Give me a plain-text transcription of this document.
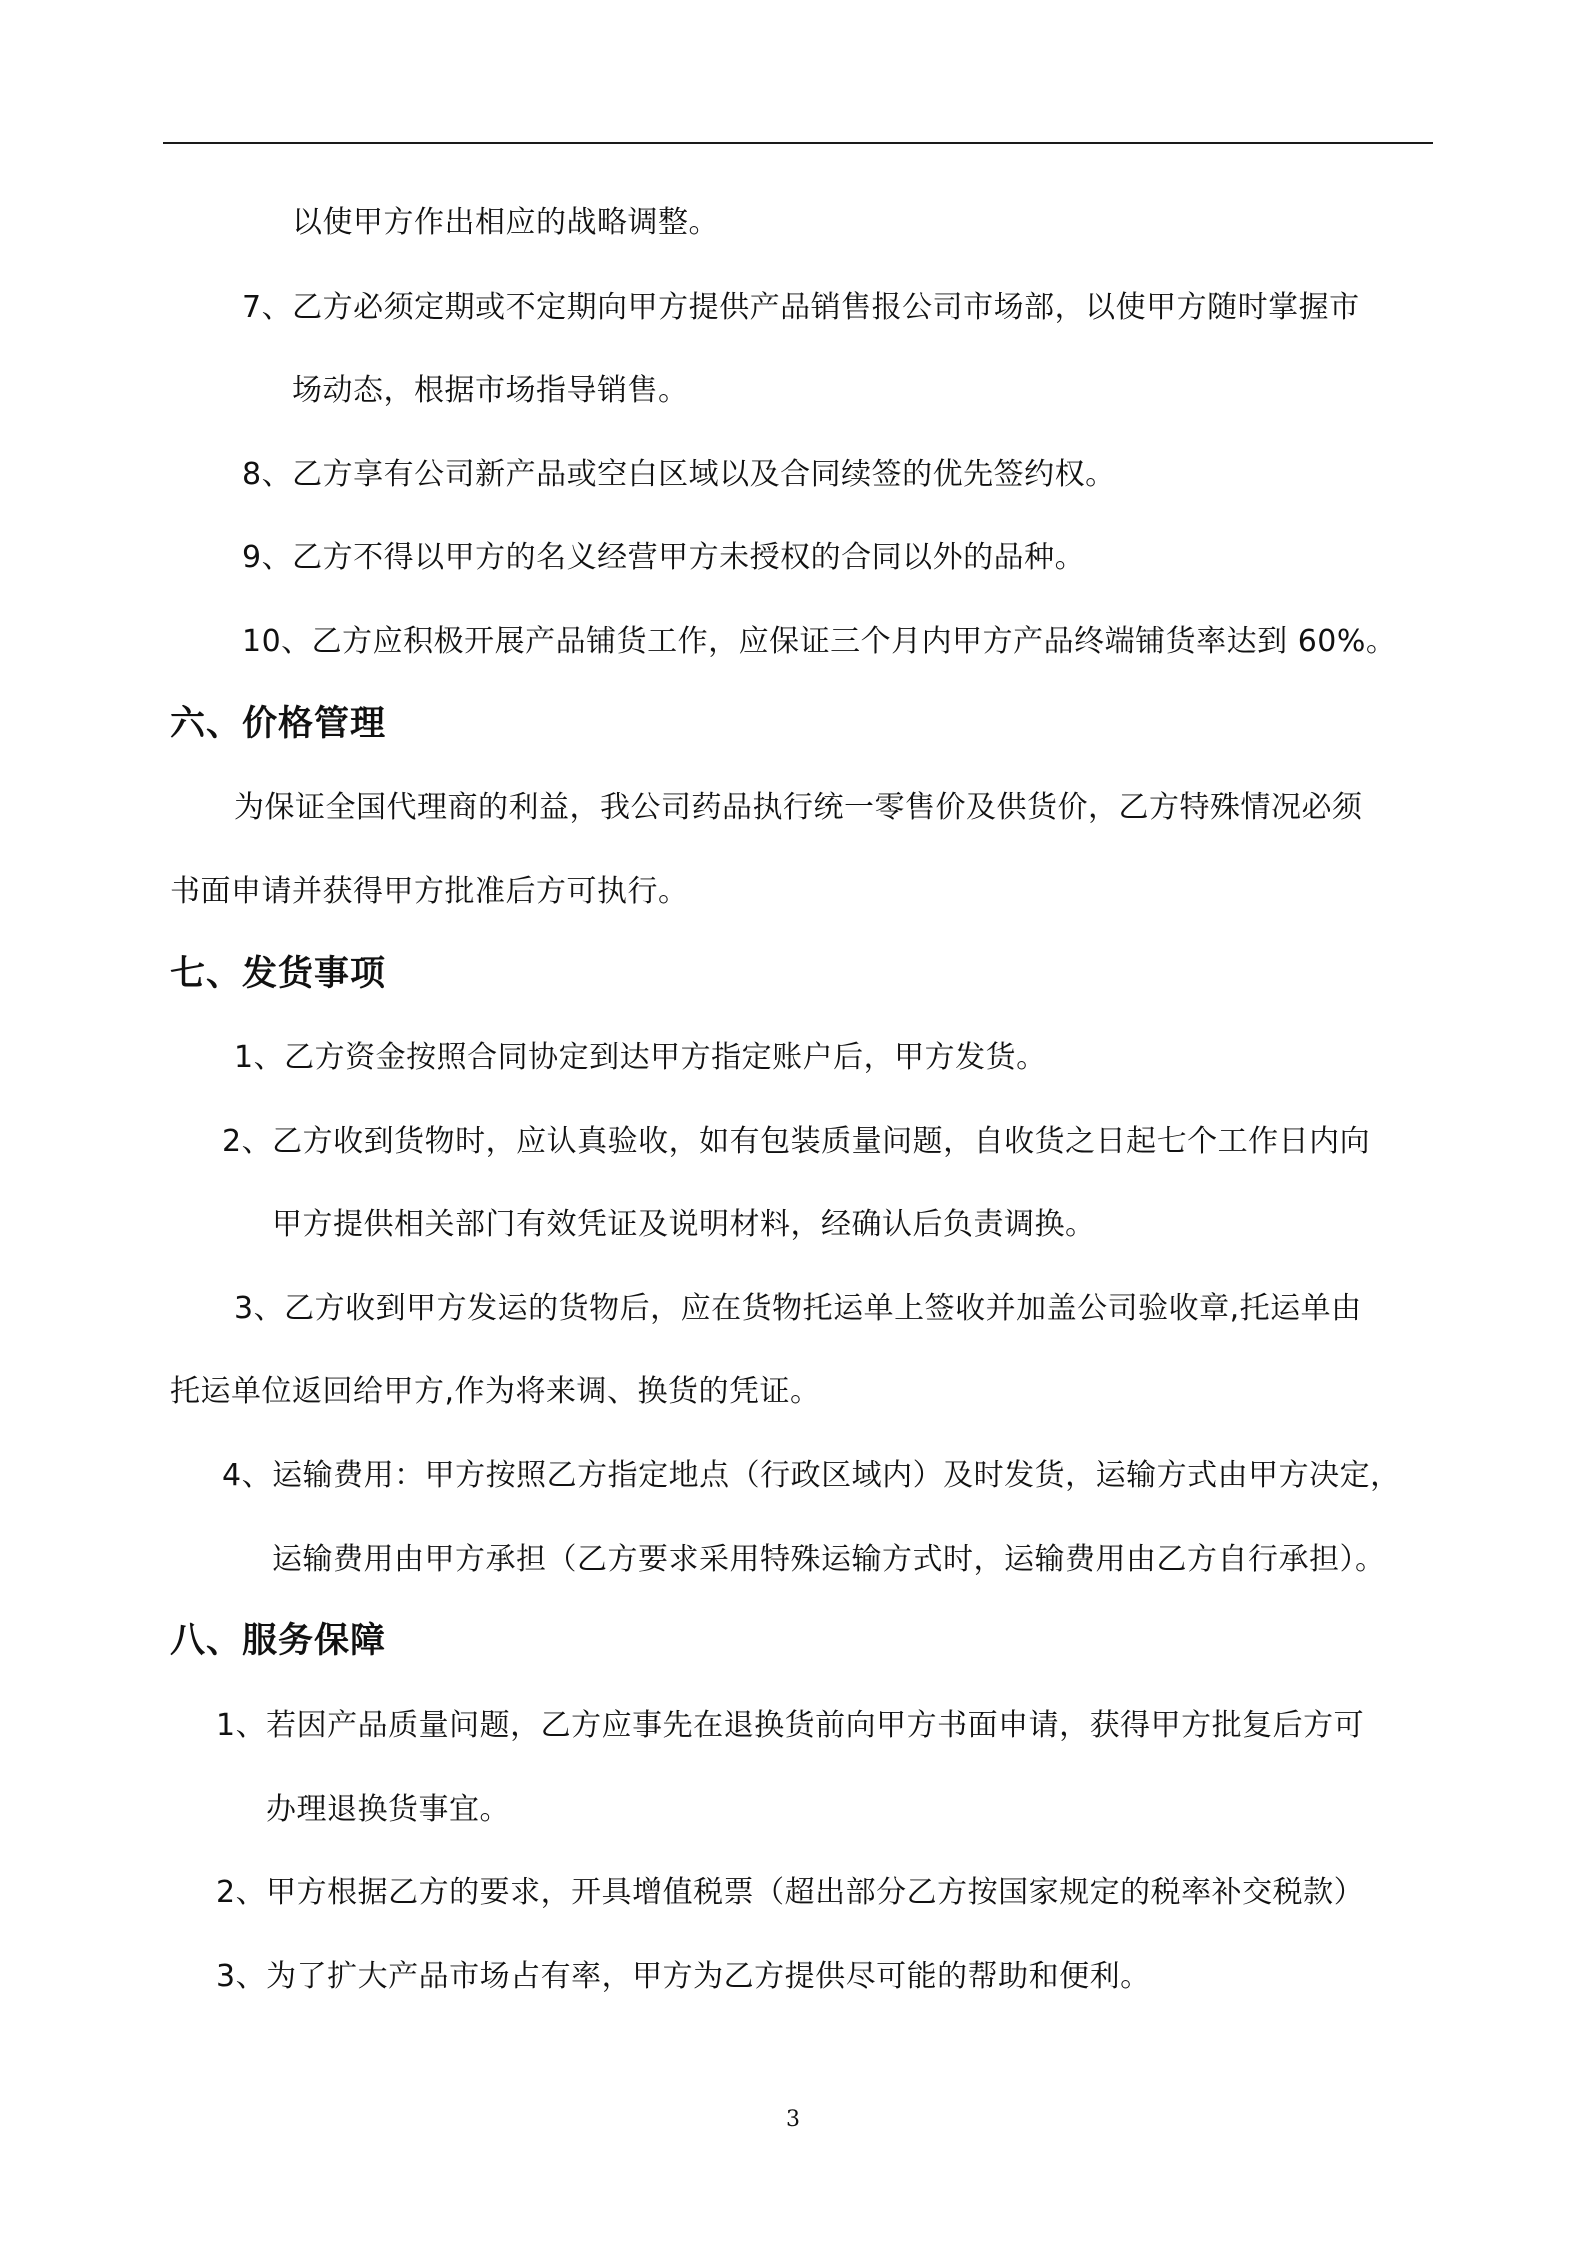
以使甲方作出相应的战略调整。
7、乙方必须定期或不定期向甲方提供产品销售报公司市场部，以使甲方随时掌握市
场动态，根据市场指导销售。
8、乙方享有公司新产品或空白区域以及合同续签的优先签约权。
9、乙方不得以甲方的名义经营甲方未授权的合同以外的品种。
10、乙方应积极开展产品铺货工作，应保证三个月内甲方产品终端铺货率达到 60%。
六、价格管理
为保证全国代理商的利益，我公司药品执行统一零售价及供货价，乙方特殊情况必须
书面申请并获得甲方批准后方可执行。
七、发货事项
1、乙方资金按照合同协定到达甲方指定账户后，甲方发货。
2、乙方收到货物时，应认真验收，如有包装质量问题，自收货之日起七个工作日内向
甲方提供相关部门有效凭证及说明材料，经确认后负责调换。
3、乙方收到甲方发运的货物后，应在货物托运单上签收并加盖公司验收章,托运单由
托运单位返回给甲方,作为将来调、换货的凭证。
4、运输费用：甲方按照乙方指定地点（行政区域内）及时发货，运输方式由甲方决定，
运输费用由甲方承担（乙方要求采用特殊运输方式时，运输费用由乙方自行承担）。
八、服务保障
1、若因产品质量问题，乙方应事先在退换货前向甲方书面申请，获得甲方批复后方可
办理退换货事宜。
2、甲方根据乙方的要求，开具增值税票（超出部分乙方按国家规定的税率补交税款）
3、为了扩大产品市场占有率，甲方为乙方提供尽可能的帮助和便利。
3
